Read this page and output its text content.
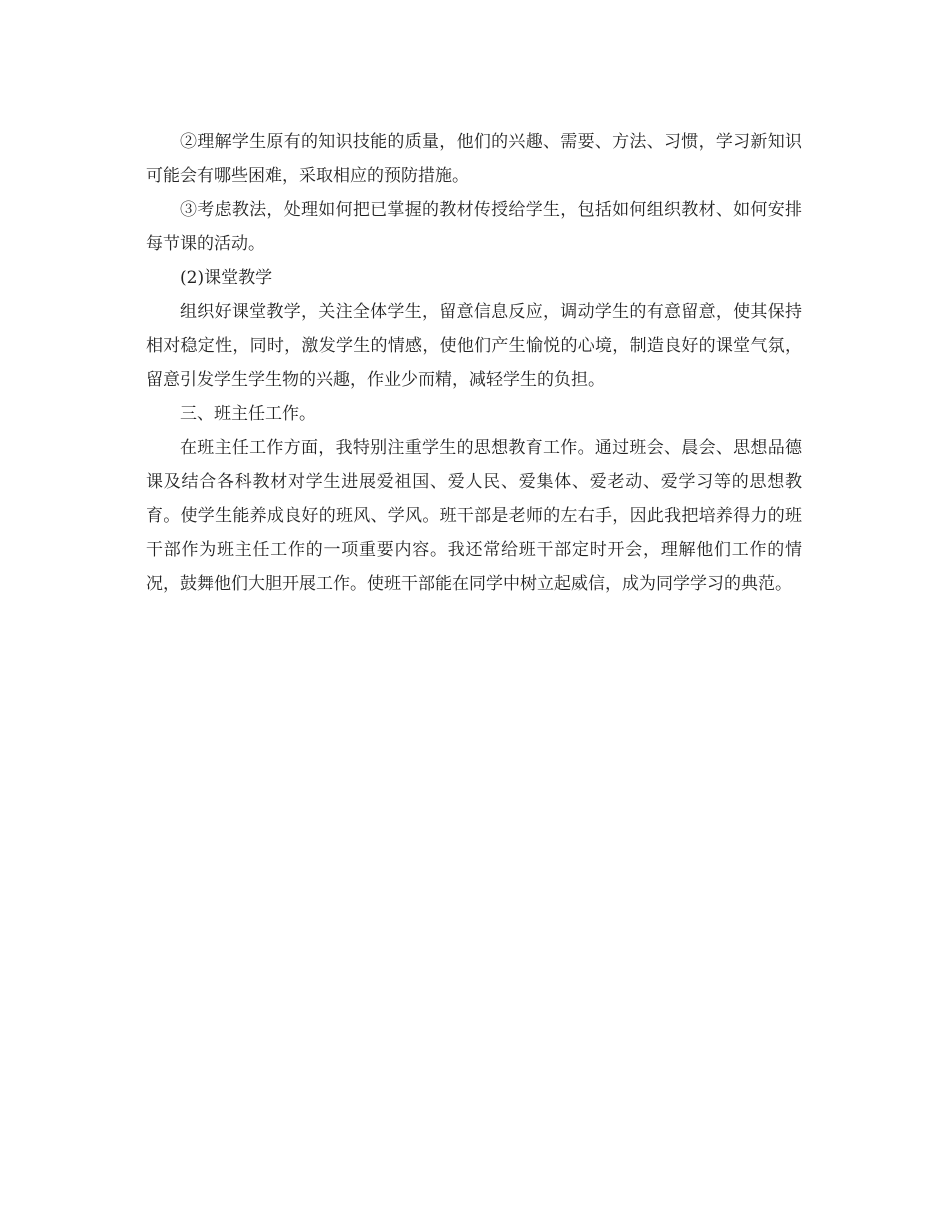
②理解学生原有的知识技能的质量，他们的兴趣、需要、方法、习惯，学习新知识可能会有哪些困难，采取相应的预防措施。

③考虑教法，处理如何把已掌握的教材传授给学生，包括如何组织教材、如何安排每节课的活动。

(2)课堂教学

组织好课堂教学，关注全体学生，留意信息反应，调动学生的有意留意，使其保持相对稳定性，同时，激发学生的情感，使他们产生愉悦的心境，制造良好的课堂气氛，留意引发学生学生物的兴趣，作业少而精，减轻学生的负担。

三、班主任工作。

在班主任工作方面，我特别注重学生的思想教育工作。通过班会、晨会、思想品德课及结合各科教材对学生进展爱祖国、爱人民、爱集体、爱老动、爱学习等的思想教育。使学生能养成良好的班风、学风。班干部是老师的左右手，因此我把培养得力的班干部作为班主任工作的一项重要内容。我还常给班干部定时开会，理解他们工作的情况，鼓舞他们大胆开展工作。使班干部能在同学中树立起威信，成为同学学习的典范。
